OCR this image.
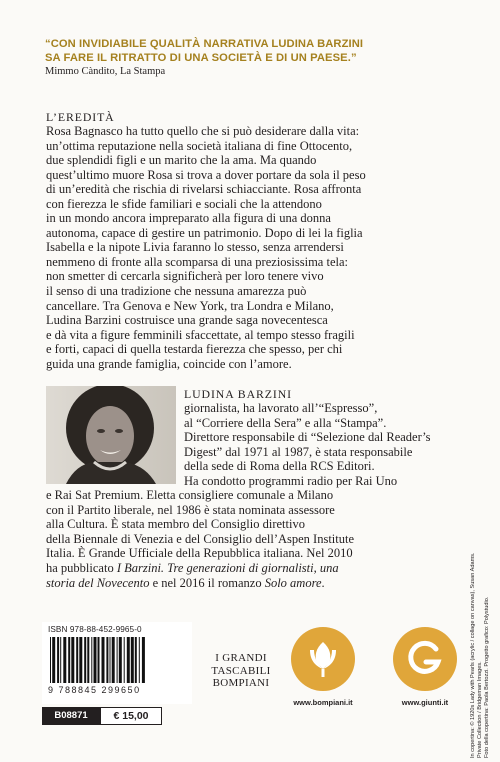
“CON INVIDIABILE QUALITÀ NARRATIVA LUDINA BARZINI
SA FARE IL RITRATTO DI UNA SOCIETÀ E DI UN PAESE.”
Mimmo Càndito, La Stampa
L’EREDITÀ

Rosa Bagnasco ha tutto quello che si può desiderare dalla vita:
un’ottima reputazione nella società italiana di fine Ottocento,
due splendidi figli e un marito che la ama. Ma quando
quest’ultimo muore Rosa si trova a dover portare da sola il peso
di un’eredità che rischia di rivelarsi schiacciante. Rosa affronta
con fierezza le sfide familiari e sociali che la attendono
in un mondo ancora impreparato alla figura di una donna
autonoma, capace di gestire un patrimonio. Dopo di lei la figlia
Isabella e la nipote Livia faranno lo stesso, senza arrendersi
nemmeno di fronte alla scomparsa di una preziosissima tela:
non smetter di cercarla significherà per loro tenere vivo
il senso di una tradizione che nessuna amarezza può
cancellare. Tra Genova e New York, tra Londra e Milano,
Ludina Barzini costruisce una grande saga novecentesca
e dà vita a figure femminili sfaccettate, al tempo stesso fragili
e forti, capaci di quella testarda fierezza che spesso, per chi
guida una grande famiglia, coincide con l’amore.

LUDINA BARZINI

giornalista, ha lavorato all’“Espresso”,
al “Corriere della Sera” e alla “Stampa”.
Direttore responsabile di “Selezione dal Reader’s
Digest” dal 1971 al 1987, è stata responsabile
della sede di Roma della RCS Editori.
Ha condotto programmi radio per Rai Uno
e Rai Sat Premium. Eletta consigliere comunale a Milano
con il Partito liberale, nel 1986 è stata nominata assessore
alla Cultura. È stata membro del Consiglio direttivo
della Biennale di Venezia e del Consiglio dell’Aspen Institute
Italia. È Grande Ufficiale della Repubblica italiana. Nel 2010
ha pubblicato I Barzini. Tre generazioni di giornalisti, una
storia del Novecento e nel 2016 il romanzo Solo amore.	In copertina: © 1920s Lady with Pearls (acrylic / collage on canvas), Susan Adams. Private Collection / Bridgeman Images. Foto della copertina: Paola Bertozzi. Progetto grafico: Polystudio.
ISBN 978-88-452-9965-0
9 788845 299650
B08871	€ 15,00
I GRANDI
TASCABILI
BOMPIANI
www.bompiani.it	www.giunti.it
